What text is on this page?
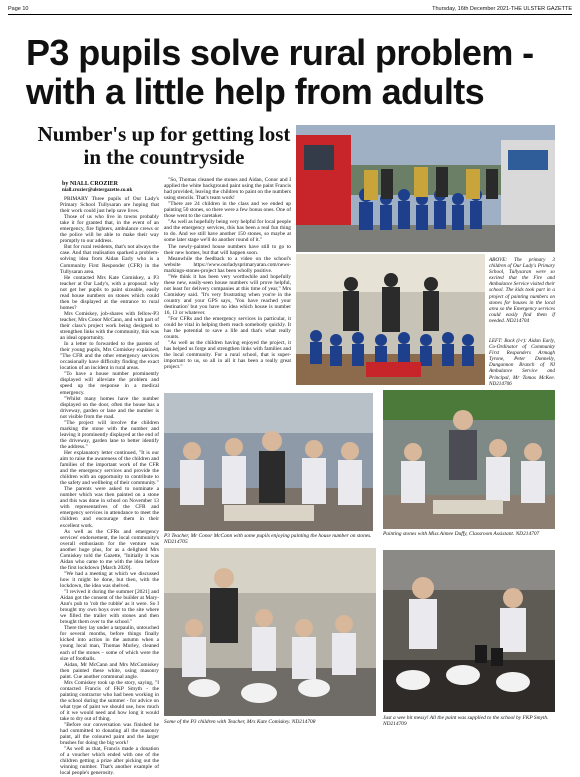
Page 10	Thursday, 16th December 2021-THE ULSTER GAZETTE
P3 pupils solve rural problem - with a little help from adults
Number's up for getting lost in the countryside
by NIALL CROZIER
niall.crozier@ulstergazette.co.uk

PRIMARY Three pupils of Our Lady's Primary School Tullysaran are hoping that their work could just help save lives.

Those of us who live in towns probably take it for granted that, in the event of an emergency, fire fighters, ambulance crews or the police will be able to make their way promptly to our address.

But for rural residents, that's not always the case. And that realisation sparked a problem-solving idea from Aidan Early who is a Community First Responder (CFR) in the Tullysaran area.

He contacted Mrs Kate Comiskey, a P3 teacher at Our Lady's, with a proposal: why not get her pupils to paint sizeable, easily read house numbers on stones which could then be displayed at the entrance to rural homes?

Mrs Comiskey, job-shares with fellow-P3 teacher, Mrs Conor McCann, and with part of their class's project work being designed to strengthen links with the community, this was an ideal opportunity.

In a letter to forwarded to the parents of their young pupils, Mrs Comiskey explained, "The CFR and the other emergency services occasionally have difficulty finding the exact location of an incident in rural areas.

"To have a house number prominently displayed will alleviate the problem and speed up the response in a medical emergency.

"Whilst many homes have the number displayed on the door, often the house has a driveway, garden or lane and the number is not visible from the road.

"The project will involve the children marking the stone with the number and leaving it prominently displayed at the end of the driveway, garden lane to better identify the address."

Her explanatory letter continued, "It is our aim to raise the awareness of the children and families of the important work of the CFR and the emergency services and provide the children with an opportunity to contribute to the safety and wellbeing of their community."

The parents were asked to nominate a number which was then painted on a stone and this was done in school on November 13 with representatives of the CFR and emergency services in attendance to meet the children and encourage them in their excellent work.

As well as the CFRs and emergency services' endorsement, the local community's overall enthusiasm for the venture was another huge plus, for as a delighted Mrs Comiskey told the Gazette, "Initially it was Aidan who came to me with the idea before the first lockdown [March 2020].

"We had a meeting at which we discussed how it might be done, but then, with the lockdown, the idea was shelved.

"I revived it during the summer [2021] and Aidan got the consent of the builder at Mary-Ann's pub to 'rob the rubble' as it were. So I brought my own boys over to the site where we filled the trailer with stones and then brought them over to the school."

There they lay under a tarpaulin, untouched for several months, before things finally kicked into action in the autumn when a young local man, Thomas Murley, cleaned each of the stones – some of which were the size of footballs.

Aidan, Mr McCann and Mrs McComiskey then painted these white, using masonry paint. Cue another communal angle.

Mrs Comiskey took up the story, saying, "I contacted Francis of FKP Smyth - the painting contractor who had been working in the school during the summer - for advice on what type of paint we should use, how much of it we would need and how long it would take to dry out of thing.

"Before our conversation was finished he had committed to donating all the masonry paint, all the coloured paint and the larger brushes for doing the big work!

"As well as that, Francis made a donation of a voucher which ended with one of the children getting a prize after picking out the winning number. That's another example of local people's generosity.

"So, Thomas cleaned the stones and Aidan, Conor and I applied the white background paint using the paint Francis had provided, leaving the children to paint on the numbers using stencils. That's team work!

"There are 24 children in the class and we ended up painting 50 stones, so there were a few bonus ones. One of those went to the caretaker.

"As well as hopefully being very helpful for local people and the emergency services, this has been a real fun thing to do. And we still have another 150 stones, so maybe at some later stage we'll do another round of it."

The newly-painted house numbers have still to go to their new homes, but that will happen soon.

Meanwhile the feedback to a video on the school's website https://www.ourladysprimaryaran.com/news-markings-stones-project has been wholly positive.

"We think it has been very worthwhile and hopefully these new, easily-seen house numbers will prove helpful, not least for delivery companies at this time of year," Mrs Comiskey said. "It's very frustrating when you're in the country and your GPS says, 'You have reached your destination' but you have no idea which house is number 16, 13 or whatever.

"For CFRs and the emergency services in particular, it could be vital in helping them reach somebody quickly. It has the potential to save a life and that's what really counts.

"As well as the children having enjoyed the project, it has helped us forge and strengthen links with families and the local community. For a rural school, that is super-important to us, so all in all it has been a really great project."

ABOVE: The primary 3 children of Our Lady's Primary School, Tullysaran were so excited that the Fire and Ambulance Service visited their school. The kids took part in a project of painting numbers on stones for houses in the local area so the Emergency services could easily find them if needed. ND214704
LEFT: Back (l-r): Aidan Early, Co-Ordinator of Community First Responders Armagh Tyrone, Peter Donnelly, Dungannon Branch of NI Ambulance Service and Principal, Mr Tomas McKee. ND214706
P3 Teacher, Mr Conor McCann with some pupils enjoying painting the house number on stones. ND214705
Painting stones with Miss Aimee Duffy, Classroom Assistant. ND214707
Some of the P3 children with Teacher, Mrs Kate Comiskey. ND214708
Just a wee bit messy! All the paint was supplied to the school by FKP Smyth. ND214709
